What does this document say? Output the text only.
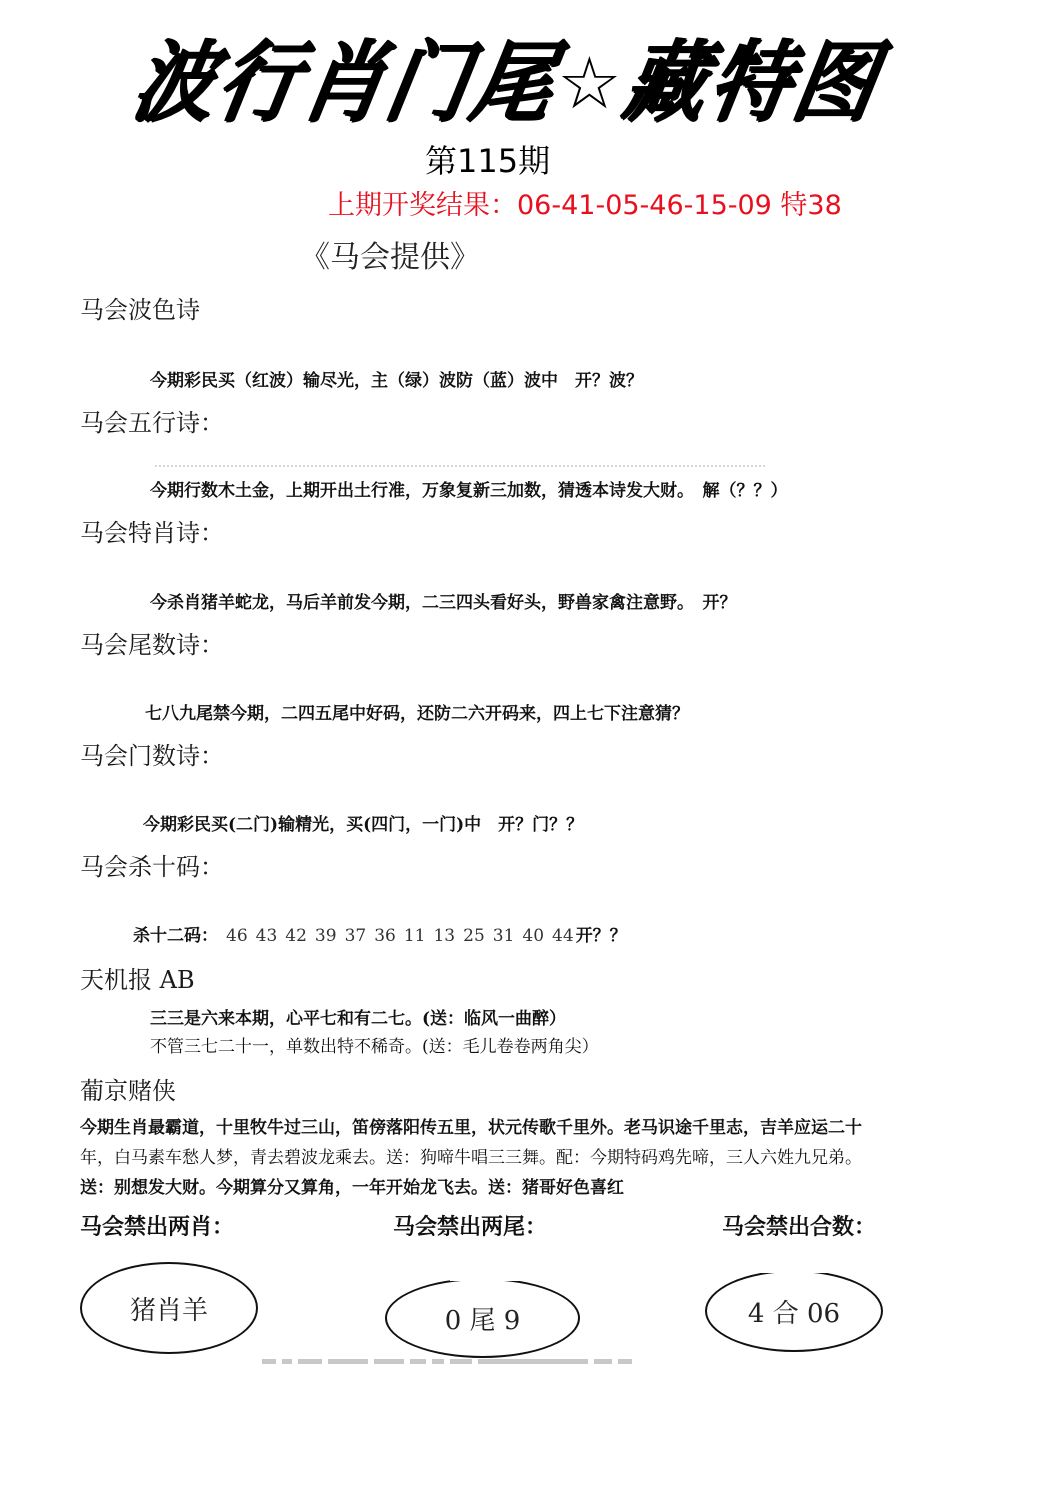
波
行
肖
门
尾
☆
藏
特
图
第115期
上期开奖结果：06-41-05-46-15-09 特38
《马会提供》
马会波色诗
今期彩民买（红波）输尽光，主（绿）波防（蓝）波中　开？波？
马会五行诗：
今期行数木土金，上期开出土行准，万象复新三加数，猜透本诗发大财。　解（？？）
马会特肖诗：
今杀肖猪羊蛇龙，马后羊前发今期，二三四头看好头，野兽家禽注意野。　开？
马会尾数诗：
七八九尾禁今期，二四五尾中好码，还防二六开码来，四上七下注意猜？
马会门数诗：
今期彩民买(二门)输精光，买(四门，一门)中　开？门？？
马会杀十码：
杀十二码： 46 43 42 39 37 36 11 13 25 31 40 44 开？？
天机报 AB
三三是六来本期，心平七和有二七。(送：临风一曲醉）
不管三七二十一，单数出特不稀奇。(送：毛儿卷卷两角尖）
葡京赌侠
今期生肖最霸道，十里牧牛过三山，笛傍落阳传五里，状元传歌千里外。老马识途千里志，吉羊应运二十
年，白马素车愁人梦，青去碧波龙乘去。送：狗啼牛唱三三舞。配：今期特码鸡先啼，三人六姓九兄弟。
送：别想发大财。今期算分又算角，一年开始龙飞去。送：猪哥好色喜红
马会禁出两肖：	马会禁出两尾：	马会禁出合数：
猪肖羊	0 尾 9	4 合 06
